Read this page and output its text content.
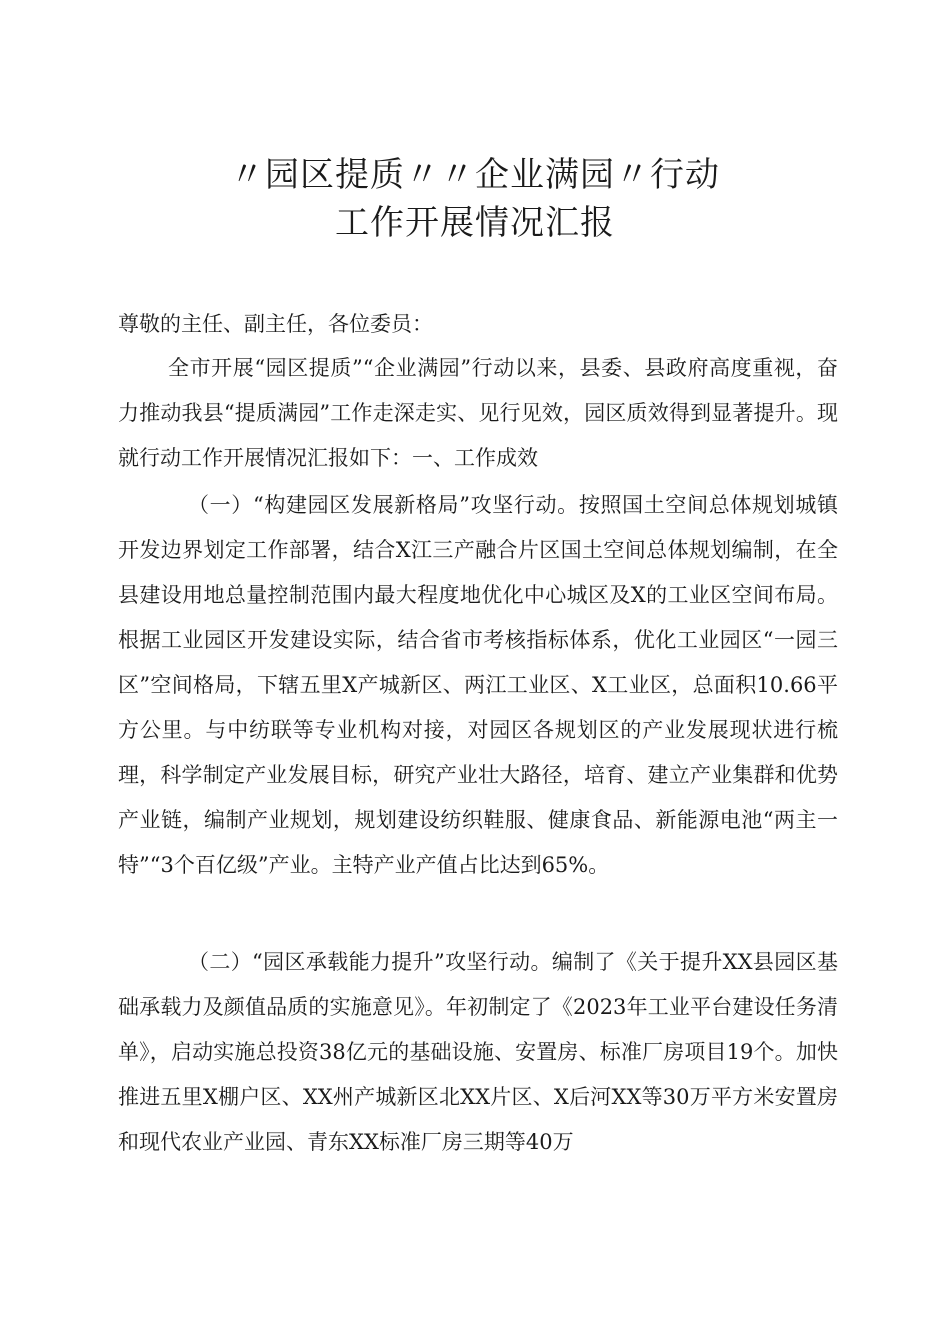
〃园区提质〃〃企业满园〃行动
工作开展情况汇报

尊敬的主任、副主任，各位委员：

全市开展“园区提质”“企业满园”行动以来，县委、县政府高度重视，奋力推动我县“提质满园”工作走深走实、见行见效，园区质效得到显著提升。现就行动工作开展情况汇报如下：一、工作成效

（一）“构建园区发展新格局”攻坚行动。按照国土空间总体规划城镇开发边界划定工作部署，结合X江三产融合片区国土空间总体规划编制，在全县建设用地总量控制范围内最大程度地优化中心城区及X的工业区空间布局。根据工业园区开发建设实际，结合省市考核指标体系，优化工业园区“一园三区”空间格局，下辖五里X产城新区、两江工业区、X工业区，总面积10.66平方公里。与中纺联等专业机构对接，对园区各规划区的产业发展现状进行梳理，科学制定产业发展目标，研究产业壮大路径，培育、建立产业集群和优势产业链，编制产业规划，规划建设纺织鞋服、健康食品、新能源电池“两主一特”“3个百亿级”产业。主特产业产值占比达到65%。

（二）“园区承载能力提升”攻坚行动。编制了《关于提升XX县园区基础承载力及颜值品质的实施意见》。年初制定了《2023年工业平台建设任务清单》，启动实施总投资38亿元的基础设施、安置房、标准厂房项目19个。加快推进五里X棚户区、XX州产城新区北XX片区、X后河XX等30万平方米安置房和现代农业产业园、青东XX标准厂房三期等40万
